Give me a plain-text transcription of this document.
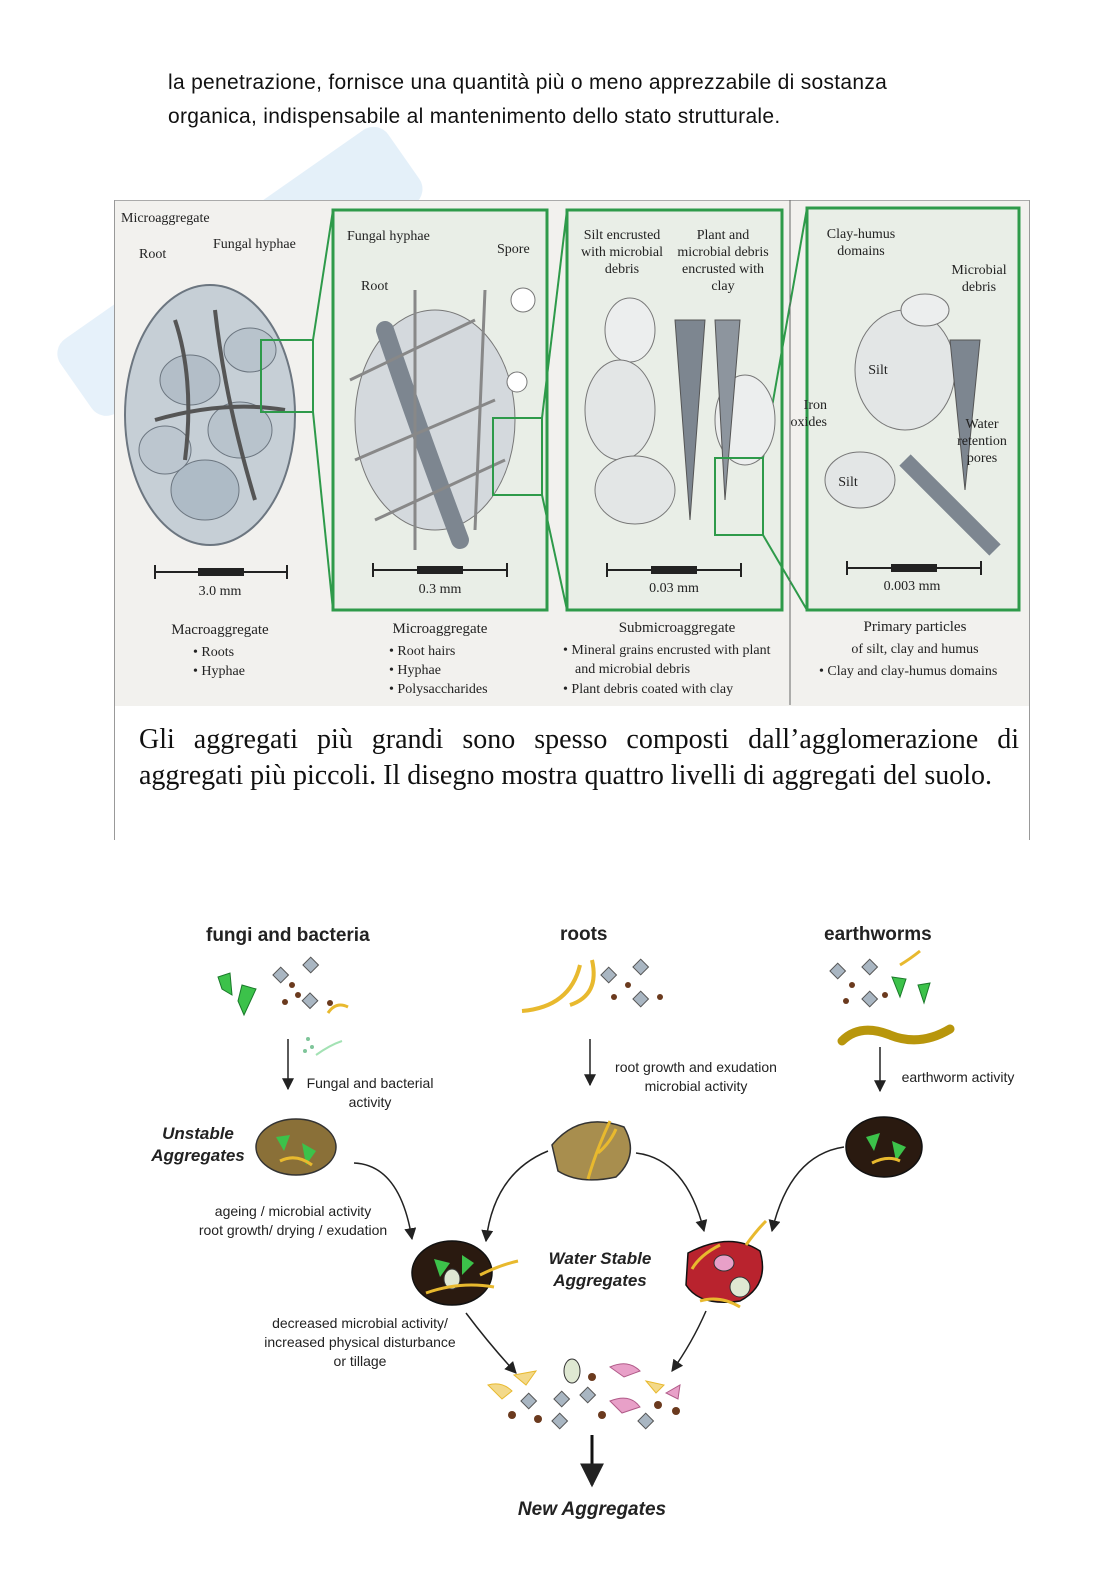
la penetrazione, fornisce una quantità più o meno apprezzabile di sostanza
organica, indispensabile al mantenimento dello stato strutturale.
Microaggregate
Root
Fungal hyphae
3.0 mm
Macroaggregate
• Roots
• Hyphae
Fungal hyphae
Spore
Root
0.3 mm
Microaggregate
• Root hairs
• Hyphae
• Polysaccharides
Silt encrusted
with microbial
debris
Plant and
microbial debris
encrusted with
clay
0.03 mm
Submicroaggregate
• Mineral grains encrusted with plant
and microbial debris
• Plant debris coated with clay
Clay-humus
domains
Microbial
debris
Silt
Iron
oxides	Water
retention
pores
Silt
0.003 mm
Primary particles
of silt, clay and humus
• Clay and clay-humus domains
Gli aggregati più grandi sono spesso composti dall’agglomerazione di aggregati più piccoli. Il disegno mostra quattro livelli di aggregati del suolo.
fungi and bacteria	roots	earthworms
Fungal and bacterial
activity
root growth and exudation
microbial activity
earthworm activity
ageing / microbial activity
root growth/ drying / exudation
decreased microbial activity/
increased physical disturbance
or tillage
Unstable
Aggregates
Water Stable
Aggregates
New Aggregates
